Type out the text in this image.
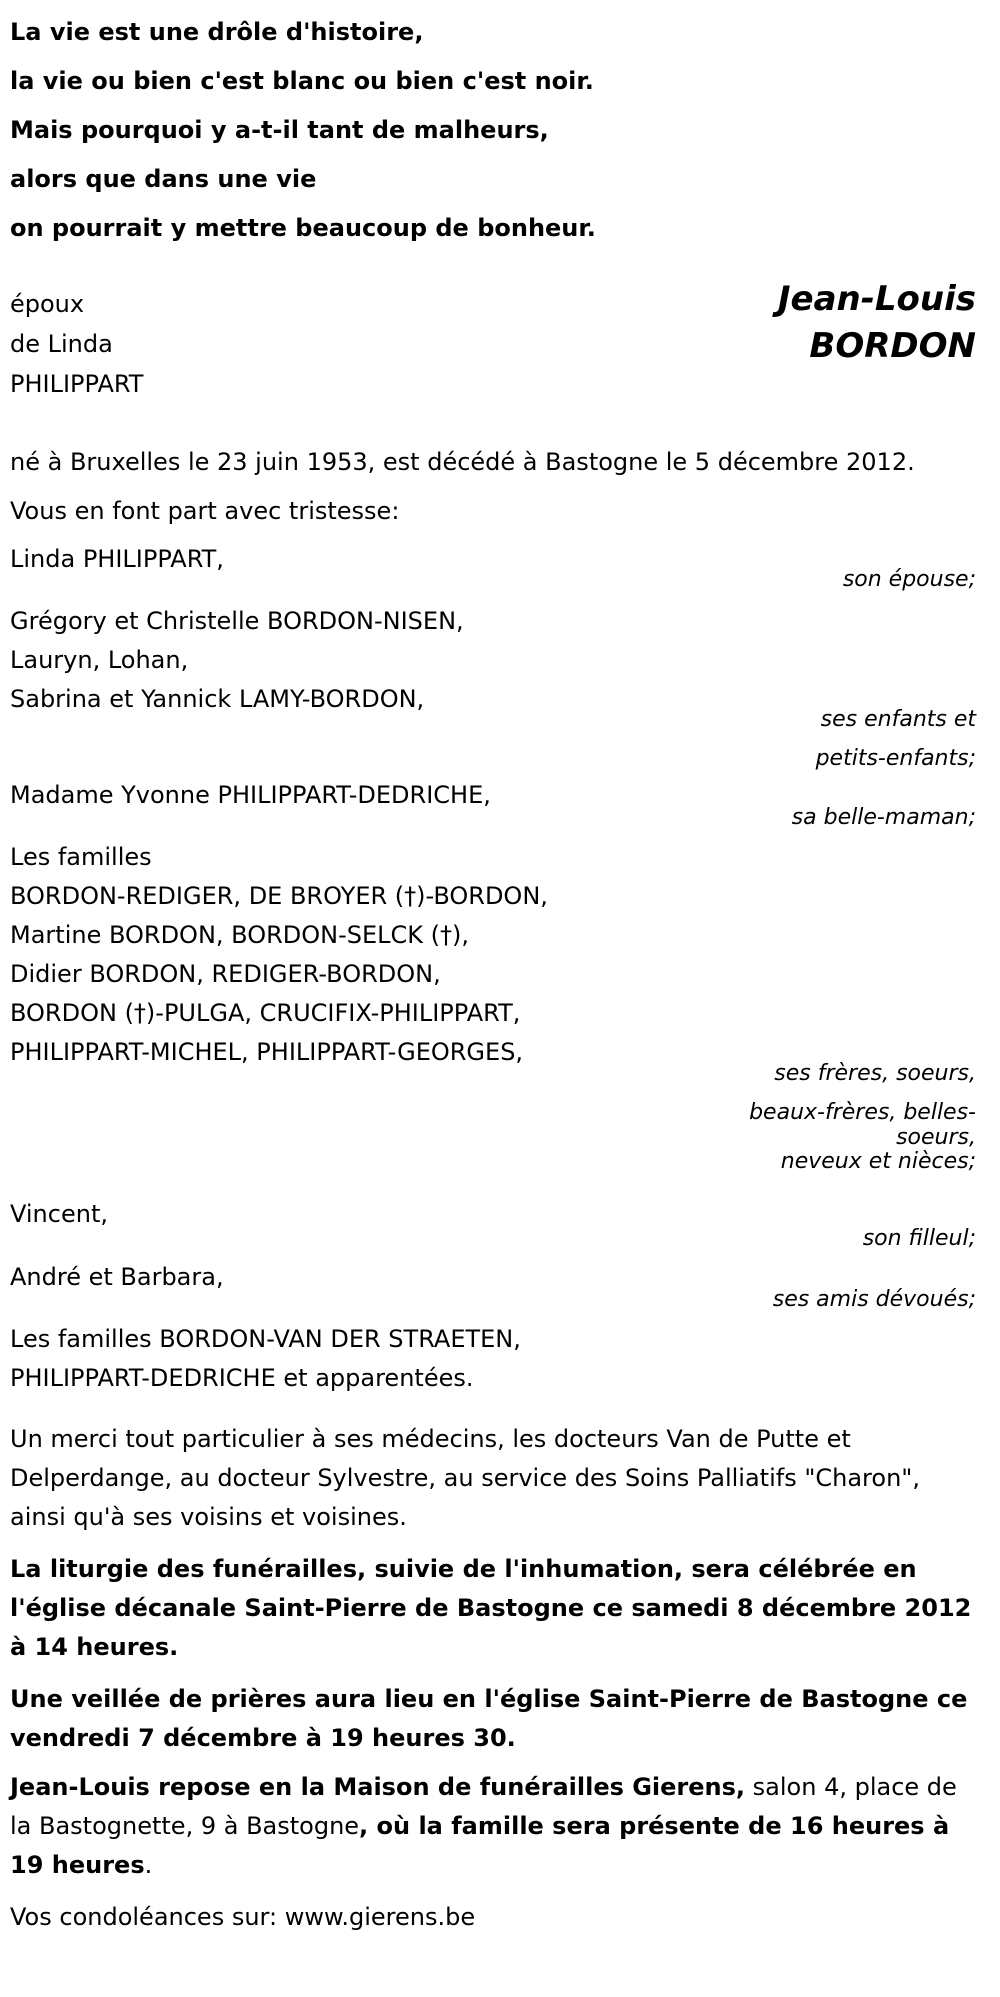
La vie est une drôle d'histoire,
la vie ou bien c'est blanc ou bien c'est noir.
Mais pourquoi y a-t-il tant de malheurs,
alors que dans une vie
on pourrait y mettre beaucoup de bonheur.
époux
de Linda
PHILIPPART
Jean-Louis
BORDON
né à Bruxelles le 23 juin 1953, est décédé à Bastogne le 5 décembre 2012.
Vous en font part avec tristesse:
Linda PHILIPPART,
son épouse;
Grégory et Christelle BORDON-NISEN,
Lauryn, Lohan,
Sabrina et Yannick LAMY-BORDON,
ses enfants et
petits-enfants;
Madame Yvonne PHILIPPART-DEDRICHE,
sa belle-maman;
Les familles
BORDON-REDIGER, DE BROYER (†)-BORDON,
Martine BORDON, BORDON-SELCK (†),
Didier BORDON, REDIGER-BORDON,
BORDON (†)-PULGA, CRUCIFIX-PHILIPPART,
PHILIPPART-MICHEL, PHILIPPART-GEORGES,
ses frères, soeurs,
beaux-frères, belles-
soeurs,
neveux et nièces;
Vincent,
son filleul;
André et Barbara,
ses amis dévoués;
Les familles BORDON-VAN DER STRAETEN,
PHILIPPART-DEDRICHE et apparentées.
Un merci tout particulier à ses médecins, les docteurs Van de Putte et Delperdange, au docteur Sylvestre, au service des Soins Palliatifs "Charon", ainsi qu'à ses voisins et voisines.
La liturgie des funérailles, suivie de l'inhumation, sera célébrée en l'église décanale Saint-Pierre de Bastogne ce samedi 8 décembre 2012 à 14 heures.
Une veillée de prières aura lieu en l'église Saint-Pierre de Bastogne ce vendredi 7 décembre à 19 heures 30.
Jean-Louis repose en la Maison de funérailles Gierens, salon 4, place de la Bastognette, 9 à Bastogne, où la famille sera présente de 16 heures à 19 heures.
Vos condoléances sur: www.gierens.be
